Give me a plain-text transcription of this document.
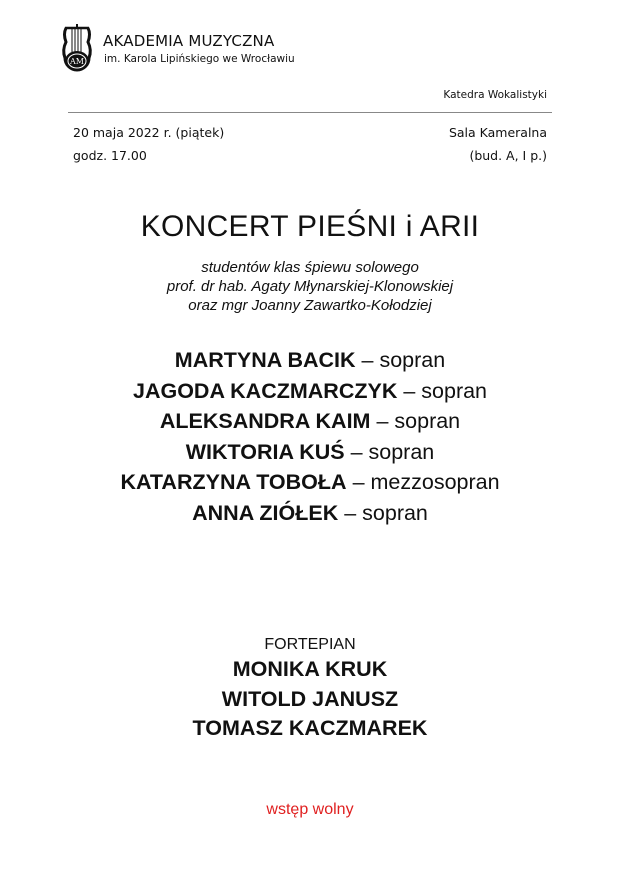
AM
AKADEMIA MUZYCZNA
im. Karola Lipińskiego we Wrocławiu
Katedra Wokalistyki
20 maja 2022 r. (piątek)
godz. 17.00
Sala Kameralna
(bud. A, I p.)
KONCERT PIEŚNI i ARII
studentów klas śpiewu solowego
prof. dr hab. Agaty Młynarskiej-Klonowskiej
oraz mgr Joanny Zawartko-Kołodziej
MARTYNA BACIK – sopran
JAGODA KACZMARCZYK – sopran
ALEKSANDRA KAIM – sopran
WIKTORIA KUŚ – sopran
KATARZYNA TOBOŁA – mezzosopran
ANNA ZIÓŁEK – sopran
FORTEPIAN
MONIKA KRUK
WITOLD JANUSZ
TOMASZ KACZMAREK
wstęp wolny
